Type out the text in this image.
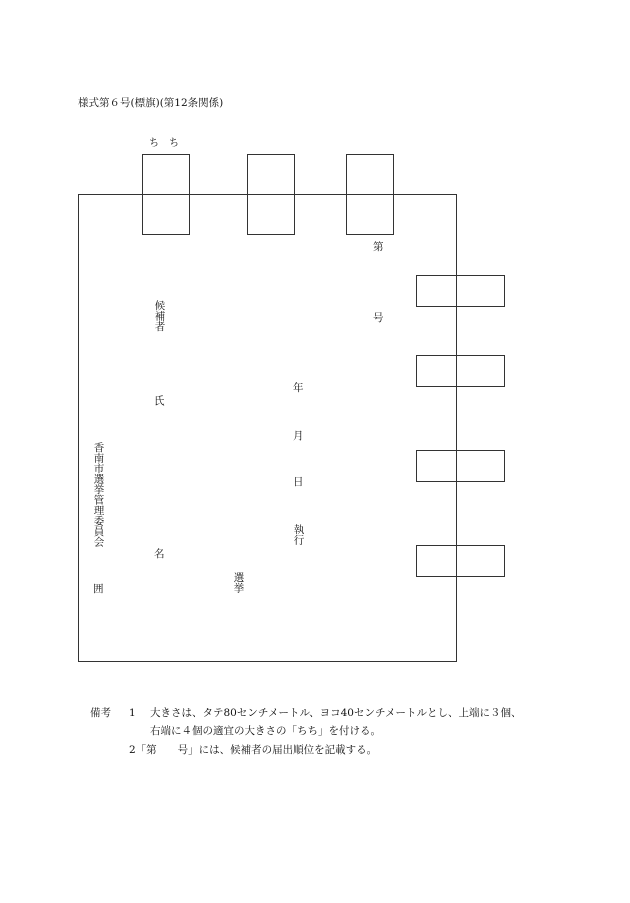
様式第６号(標旗)(第12条関係)
ち　ち
候補者
氏
名
香南市選挙管理委員会
囲	選挙
年
月
日
執行
第
号
備考 1 大きさは、タテ80センチメートル、ヨコ40センチメートルとし、上端に３個、
右端に４個の適宜の大きさの「ちち」を付ける。
2「第　　号」には、候補者の届出順位を記載する。
